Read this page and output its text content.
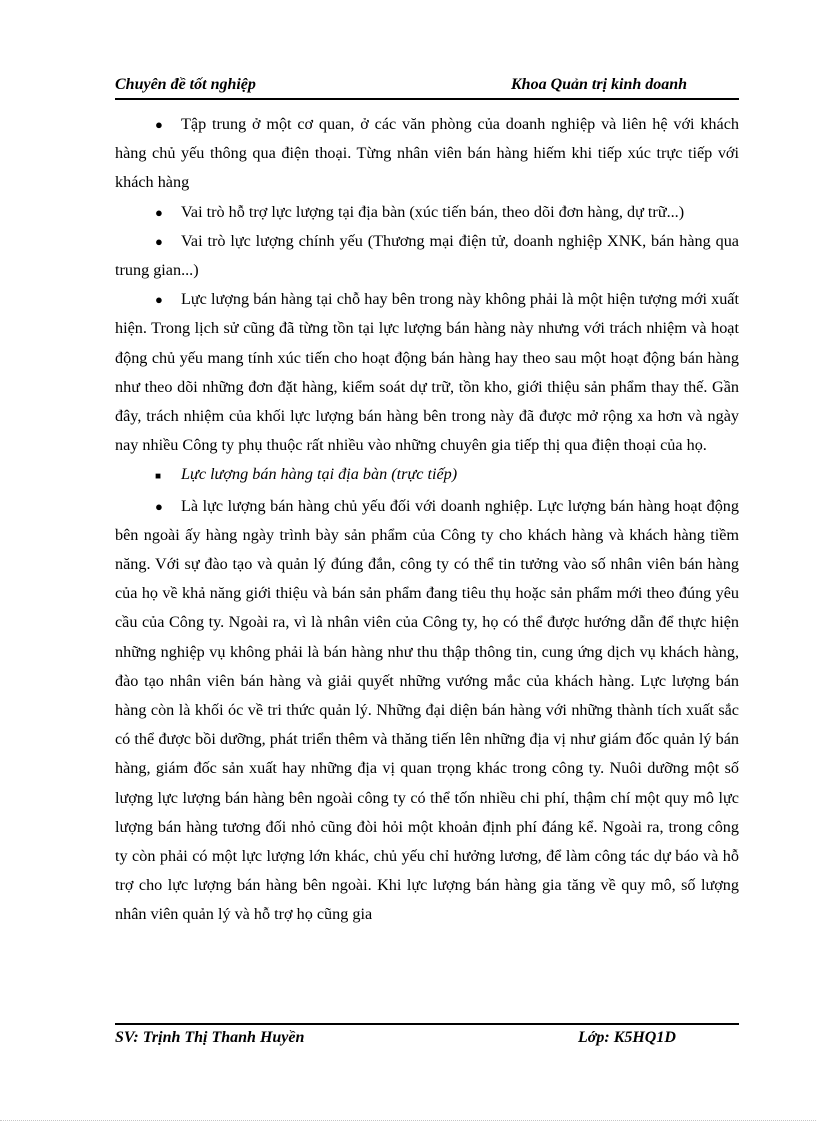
Chuyên đề tốt nghiệp	Khoa Quản trị kinh doanh

● Tập trung ở một cơ quan, ở các văn phòng của doanh nghiệp và liên hệ với khách hàng chủ yếu thông qua điện thoại. Từng nhân viên bán hàng hiếm khi tiếp xúc trực tiếp với khách hàng

● Vai trò hỗ trợ lực lượng tại địa bàn (xúc tiến bán, theo dõi đơn hàng, dự trữ...)

● Vai trò lực lượng chính yếu (Thương mại điện tử, doanh nghiệp XNK, bán hàng qua trung gian...)

● Lực lượng bán hàng tại chỗ hay bên trong này không phải là một hiện tượng mới xuất hiện. Trong lịch sử cũng đã từng tồn tại lực lượng bán hàng này nhưng với trách nhiệm và hoạt động chủ yếu mang tính xúc tiến cho hoạt động bán hàng hay theo sau một hoạt động bán hàng như theo dõi những đơn đặt hàng, kiểm soát dự trữ, tồn kho, giới thiệu sản phẩm thay thế. Gần đây, trách nhiệm của khối lực lượng bán hàng bên trong này đã được mở rộng xa hơn và ngày nay nhiều Công ty phụ thuộc rất nhiều vào những chuyên gia tiếp thị qua điện thoại của họ.

■ Lực lượng bán hàng tại địa bàn (trực tiếp)

● Là lực lượng bán hàng chủ yếu đối với doanh nghiệp. Lực lượng bán hàng hoạt động bên ngoài ấy hàng ngày trình bày sản phẩm của Công ty cho khách hàng và khách hàng tiềm năng. Với sự đào tạo và quản lý đúng đắn, công ty có thể tin tưởng vào số nhân viên bán hàng của họ về khả năng giới thiệu và bán sản phẩm đang tiêu thụ hoặc sản phẩm mới theo đúng yêu cầu của Công ty. Ngoài ra, vì là nhân viên của Công ty, họ có thể được hướng dẫn để thực hiện những nghiệp vụ không phải là bán hàng như thu thập thông tin, cung ứng dịch vụ khách hàng, đào tạo nhân viên bán hàng và giải quyết những vướng mắc của khách hàng. Lực lượng bán hàng còn là khối óc về tri thức quản lý. Những đại diện bán hàng với những thành tích xuất sắc có thể được bồi dưỡng, phát triển thêm và thăng tiến lên những địa vị như giám đốc quản lý bán hàng, giám đốc sản xuất hay những địa vị quan trọng khác trong công ty. Nuôi dưỡng một số lượng lực lượng bán hàng bên ngoài công ty có thể tốn nhiều chi phí, thậm chí một quy mô lực lượng bán hàng tương đối nhỏ cũng đòi hỏi một khoản định phí đáng kể. Ngoài ra, trong công ty còn phải có một lực lượng lớn khác, chủ yếu chỉ hưởng lương, để làm công tác dự báo và hỗ trợ cho lực lượng bán hàng bên ngoài. Khi lực lượng bán hàng gia tăng về quy mô, số lượng nhân viên quản lý và hỗ trợ họ cũng gia

SV: Trịnh Thị Thanh Huyền	Lớp: K5HQ1D
